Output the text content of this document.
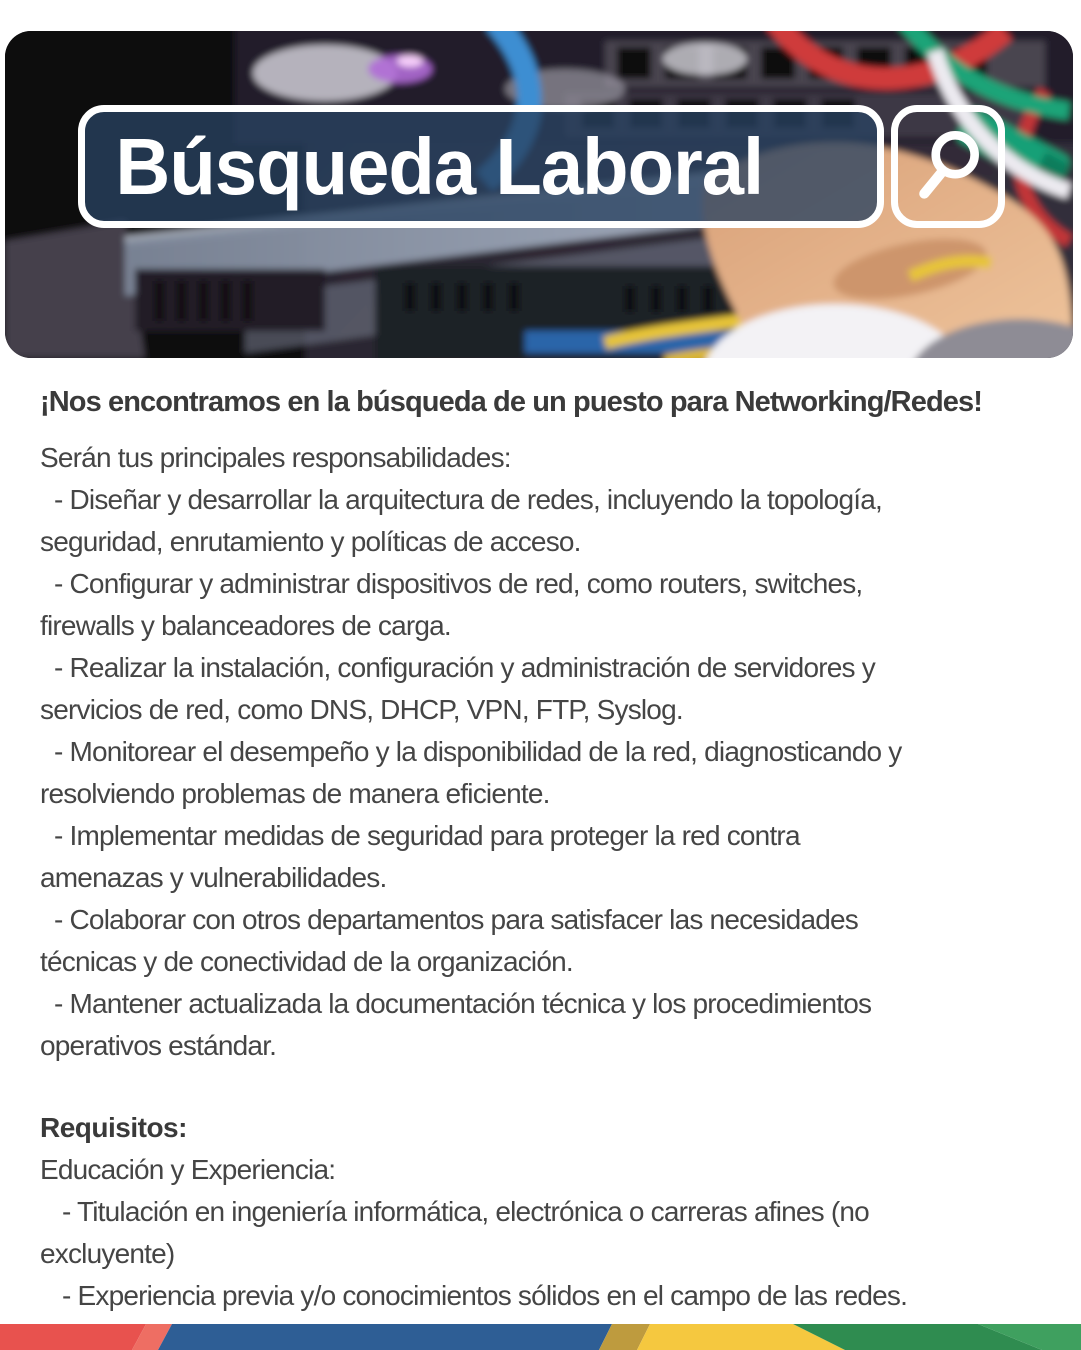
Búsqueda Laboral
¡Nos encontramos en la búsqueda de un puesto para Networking/Redes!
Serán tus principales responsabilidades:
- Diseñar y desarrollar la arquitectura de redes, incluyendo la topología,
seguridad, enrutamiento y políticas de acceso.
- Configurar y administrar dispositivos de red, como routers, switches,
firewalls y balanceadores de carga.
- Realizar la instalación, configuración y administración de servidores y
servicios de red, como DNS, DHCP, VPN, FTP, Syslog.
- Monitorear el desempeño y la disponibilidad de la red, diagnosticando y
resolviendo problemas de manera eficiente.
- Implementar medidas de seguridad para proteger la red contra
amenazas y vulnerabilidades.
- Colaborar con otros departamentos para satisfacer las necesidades
técnicas y de conectividad de la organización.
- Mantener actualizada la documentación técnica y los procedimientos
operativos estándar.
Requisitos:
Educación y Experiencia:
- Titulación en ingeniería informática, electrónica o carreras afines (no
excluyente)
- Experiencia previa y/o conocimientos sólidos en el campo de las redes.
